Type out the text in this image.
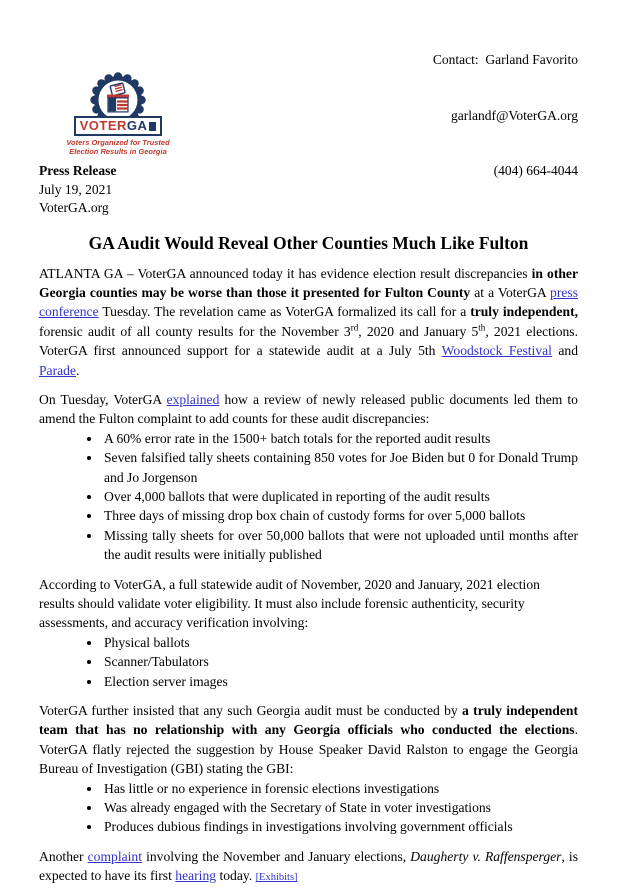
VOTER GA
Voters Organized for Trusted
Election Results in Georgia
Press Release
July 19, 2021
VoterGA.org

Contact:  Garland Favorito

garlandf@VoterGA.org

(404) 664-4044

GA Audit Would Reveal Other Counties Much Like Fulton

ATLANTA GA – VoterGA announced today it has evidence election result discrepancies in other Georgia counties may be worse than those it presented for Fulton County at a VoterGA press conference Tuesday. The revelation came as VoterGA formalized its call for a truly independent, forensic audit of all county results for the November 3rd, 2020 and January 5th, 2021 elections. VoterGA first announced support for a statewide audit at a July 5th Woodstock Festival and Parade.

On Tuesday, VoterGA explained how a review of newly released public documents led them to amend the Fulton complaint to add counts for these audit discrepancies:

• A 60% error rate in the 1500+ batch totals for the reported audit results
• Seven falsified tally sheets containing 850 votes for Joe Biden but 0 for Donald Trump and Jo Jorgenson
• Over 4,000 ballots that were duplicated in reporting of the audit results
• Three days of missing drop box chain of custody forms for over 5,000 ballots
• Missing tally sheets for over 50,000 ballots that were not uploaded until months after the audit results were initially published

According to VoterGA, a full statewide audit of November, 2020 and January, 2021 election results should validate voter eligibility. It must also include forensic authenticity, security assessments, and accuracy verification involving:

• Physical ballots
• Scanner/Tabulators
• Election server images

VoterGA further insisted that any such Georgia audit must be conducted by a truly independent team that has no relationship with any Georgia officials who conducted the elections. VoterGA flatly rejected the suggestion by House Speaker David Ralston to engage the Georgia Bureau of Investigation (GBI) stating the GBI:

• Has little or no experience in forensic elections investigations
• Was already engaged with the Secretary of State in voter investigations
• Produces dubious findings in investigations involving government officials

Another complaint involving the November and January elections, Daugherty v. Raffensperger, is expected to have its first hearing today. [Exhibits]
